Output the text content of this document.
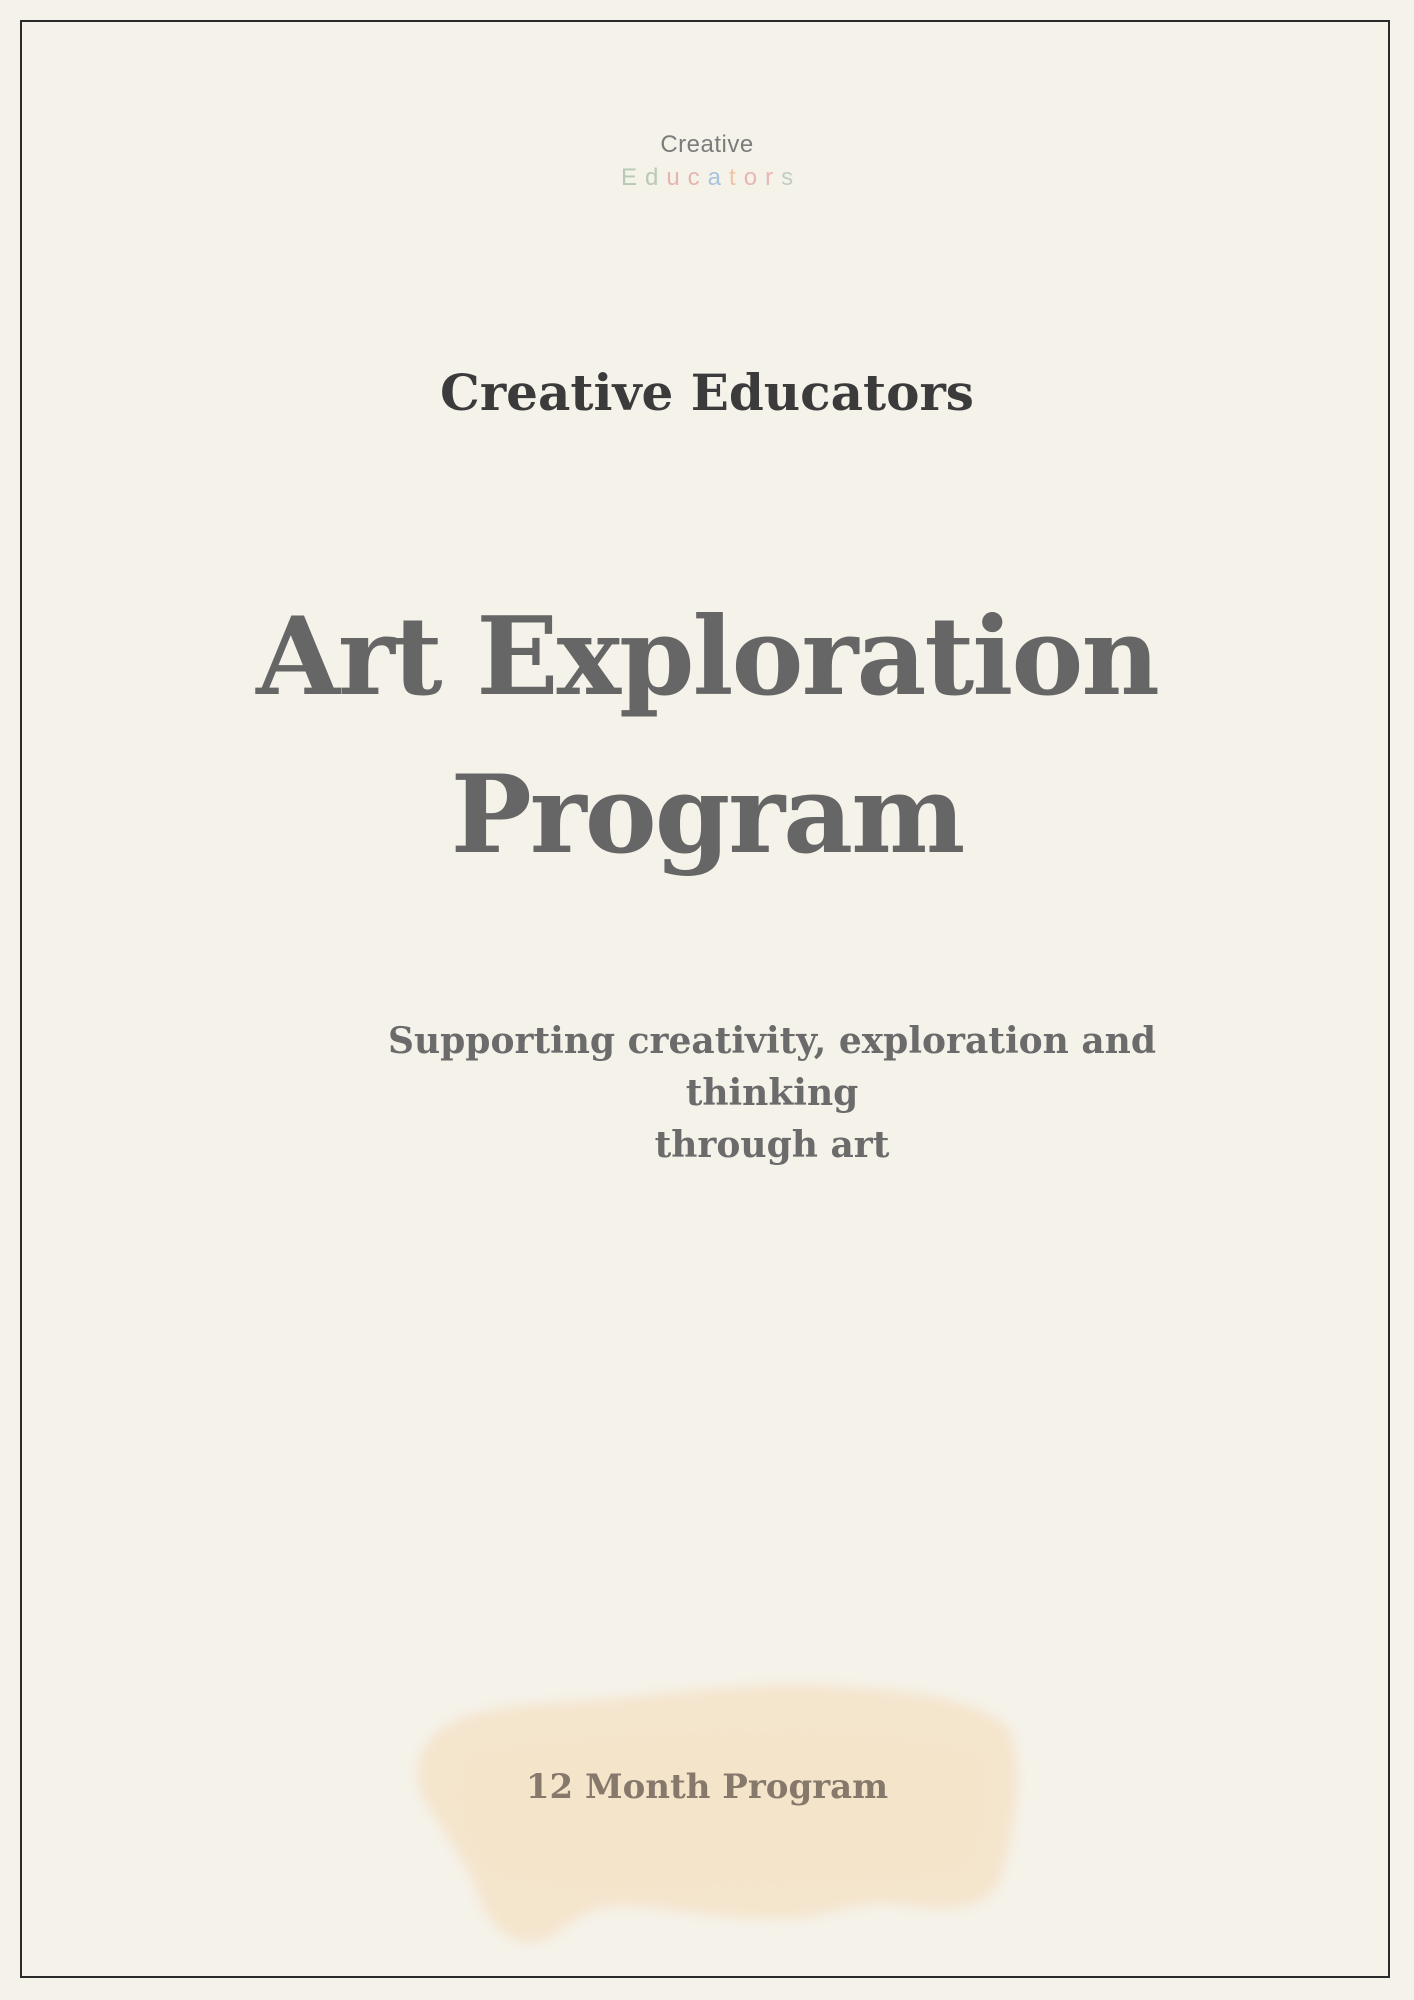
Creative
Educators
Creative Educators
Art Exploration
Program
Supporting creativity, exploration and thinking
through art
12 Month Program
